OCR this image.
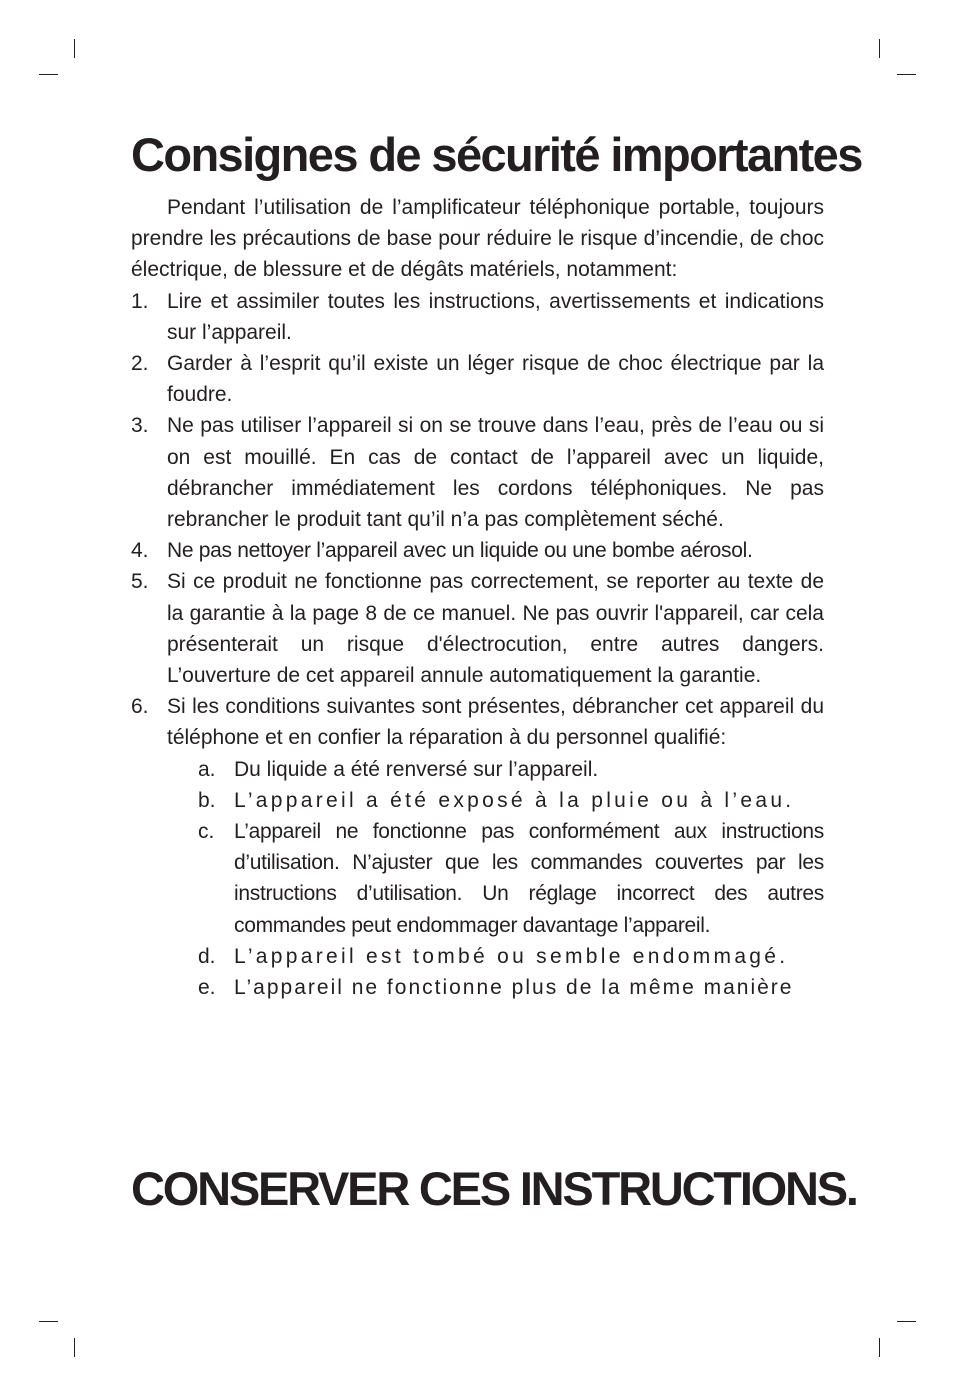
Consignes de sécurité importantes

Pendant l’utilisation de l’amplificateur téléphonique portable, toujours prendre les précautions de base pour réduire le risque d’incendie, de choc électrique, de blessure et de dégâts matériels, notamment:

1. Lire et assimiler toutes les instructions, avertissements et indications sur l’appareil.
2. Garder à l’esprit qu’il existe un léger risque de choc électrique par la foudre.
3. Ne pas utiliser l’appareil si on se trouve dans l’eau, près de l’eau ou si on est mouillé. En cas de contact de l’appareil avec un liquide, débrancher immédiatement les cordons téléphoniques. Ne pas rebrancher le produit tant qu’il n’a pas complètement séché.
4. Ne pas nettoyer l’appareil avec un liquide ou une bombe aérosol.
5. Si ce produit ne fonctionne pas correctement, se reporter au texte de la garantie à la page 8 de ce manuel. Ne pas ouvrir l'appareil, car cela présenterait un risque d'électrocution, entre autres dangers. L’ouverture de cet appareil annule automatiquement la garantie.
6. Si les conditions suivantes sont présentes, débrancher cet appareil du téléphone et en confier la réparation à du personnel qualifié:
a. Du liquide a été renversé sur l’appareil.
b. L’appareil a été exposé à la pluie ou à l’eau.
c. L’appareil ne fonctionne pas conformément aux instructions d’utilisation. N’ajuster que les commandes couvertes par les instructions d’utilisation. Un réglage incorrect des autres commandes peut endommager davantage l’appareil.
d. L’appareil est tombé ou semble endommagé.
e. L’appareil ne fonctionne plus de la même manière
CONSERVER CES INSTRUCTIONS.
